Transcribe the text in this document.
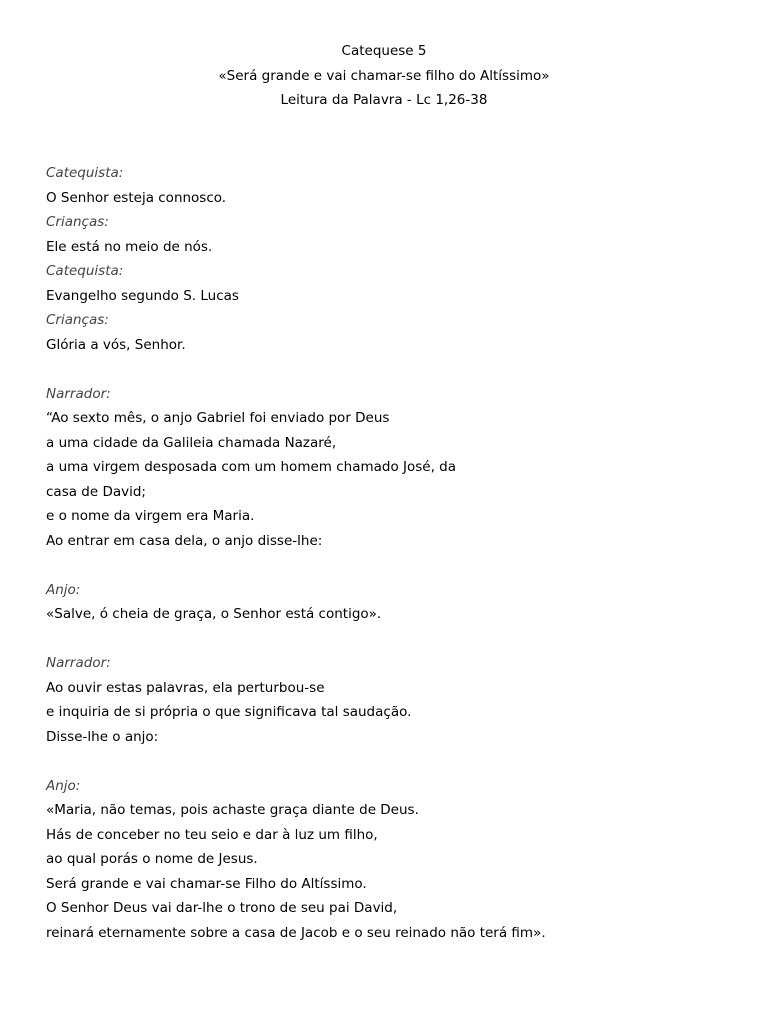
Catequese 5
«Será grande e vai chamar-se filho do Altíssimo»
Leitura da Palavra - Lc 1,26-38
Catequista:
O Senhor esteja connosco.
Crianças:
Ele está no meio de nós.
Catequista:
Evangelho segundo S. Lucas
Crianças:
Glória a vós, Senhor.
Narrador:
“Ao sexto mês, o anjo Gabriel foi enviado por Deus
a uma cidade da Galileia chamada Nazaré,
a uma virgem desposada com um homem chamado José, da
casa de David;
e o nome da virgem era Maria.
Ao entrar em casa dela, o anjo disse-lhe:
Anjo:
«Salve, ó cheia de graça, o Senhor está contigo».
Narrador:
Ao ouvir estas palavras, ela perturbou-se
e inquiria de si própria o que significava tal saudação.
Disse-lhe o anjo:
Anjo:
«Maria, não temas, pois achaste graça diante de Deus.
Hás de conceber no teu seio e dar à luz um filho,
ao qual porás o nome de Jesus.
Será grande e vai chamar-se Filho do Altíssimo.
O Senhor Deus vai dar-lhe o trono de seu pai David,
reinará eternamente sobre a casa de Jacob e o seu reinado não terá fim».
